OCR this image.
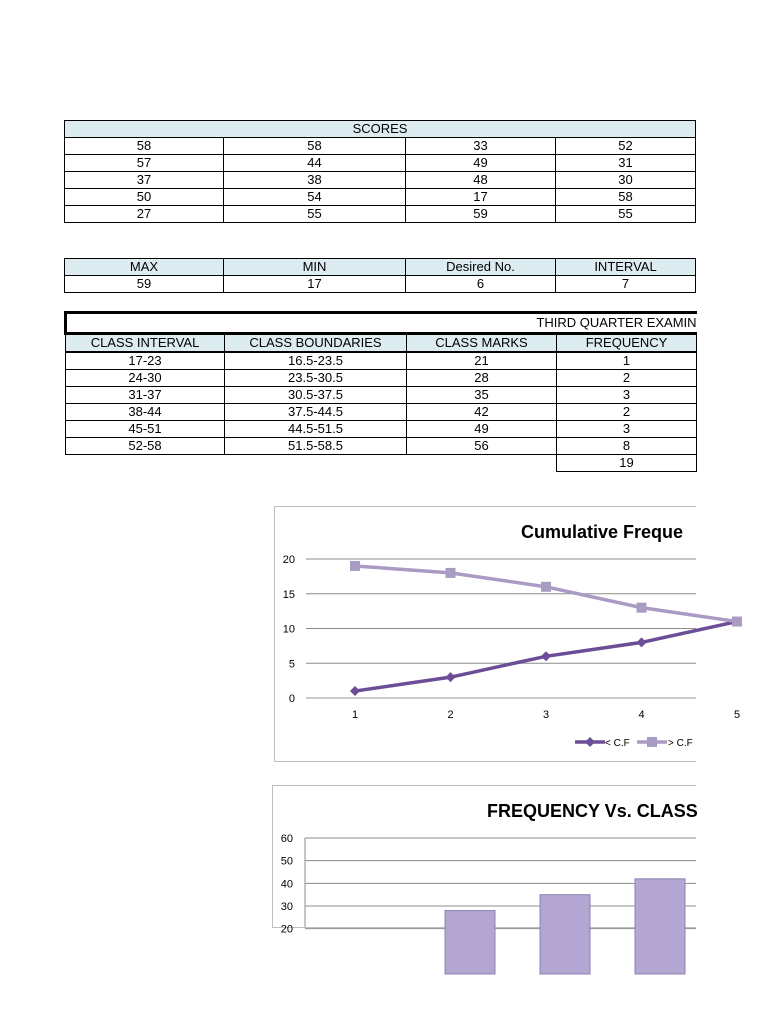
SCORES			
58	58	33	52
57	44	49	31
37	38	48	30
50	54	17	58
27	55	59	55
MAX	MIN	Desired No.	INTERVAL
59	17	6	7
THIRD QUARTER EXAMIN			

CLASS INTERVAL	CLASS BOUNDARIES	CLASS MARKS	FREQUENCY
17-23	16.5-23.5	21	1
24-30	23.5-30.5	28	2
31-37	30.5-37.5	35	3
38-44	37.5-44.5	42	2
45-51	44.5-51.5	49	3
52-58	51.5-58.5	56	8
			19
Cumulative Freque
20
15
10
5
0
1	2	3	4	5
< C.F	> C.F
FREQUENCY Vs. CLASS
60
50
40
30
20
